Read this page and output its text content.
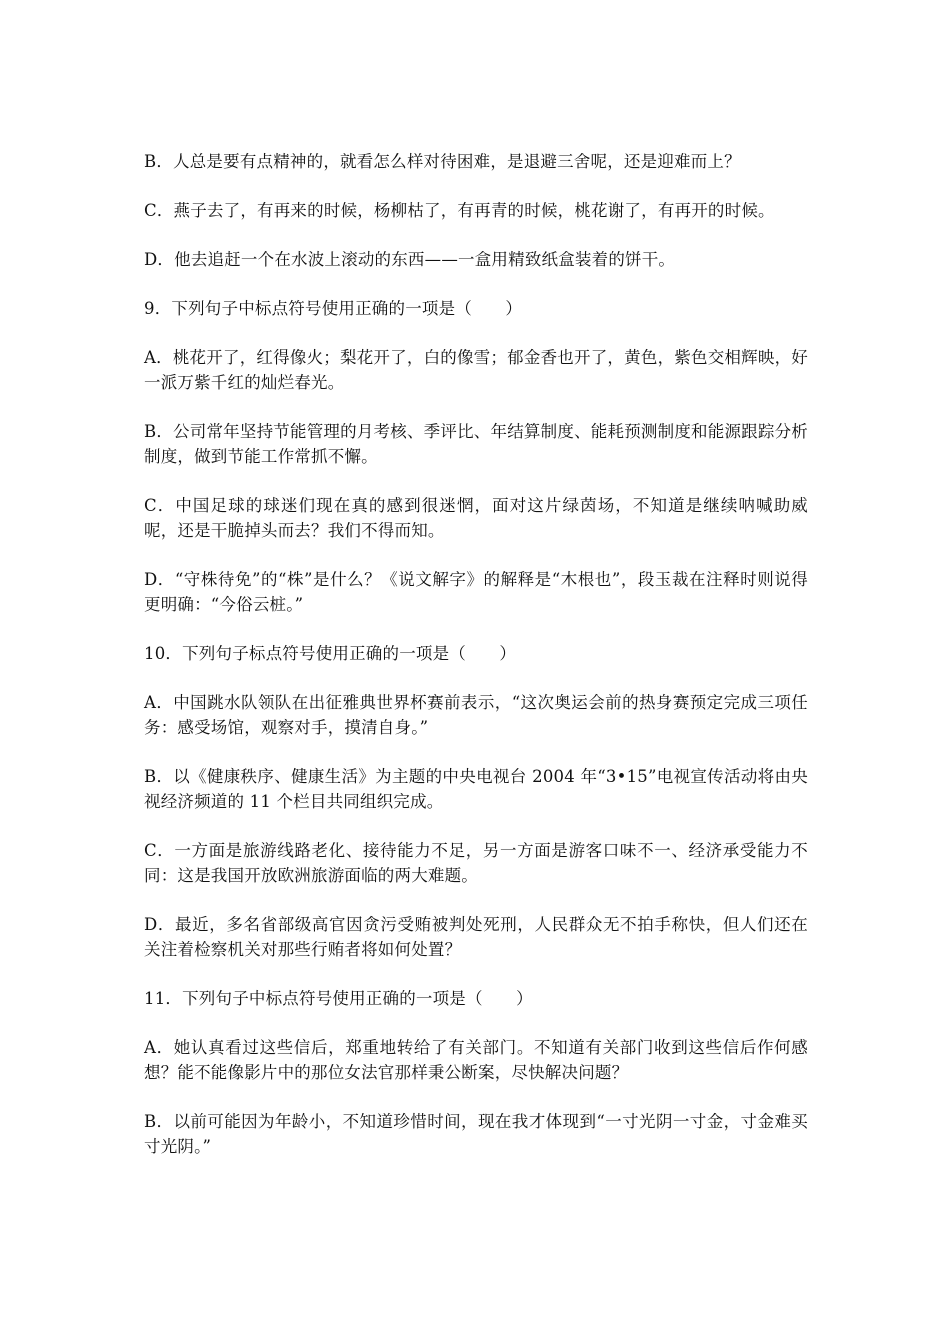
B．人总是要有点精神的，就看怎么样对待困难，是退避三舍呢，还是迎难而上？

C．燕子去了，有再来的时候，杨柳枯了，有再青的时候，桃花谢了，有再开的时候。

D．他去追赶一个在水波上滚动的东西——一盒用精致纸盒装着的饼干。

9．下列句子中标点符号使用正确的一项是（　　）

A．桃花开了，红得像火；梨花开了，白的像雪；郁金香也开了，黄色，紫色交相辉映，好一派万紫千红的灿烂春光。

B．公司常年坚持节能管理的月考核、季评比、年结算制度、能耗预测制度和能源跟踪分析制度，做到节能工作常抓不懈。

C．中国足球的球迷们现在真的感到很迷惘，面对这片绿茵场，不知道是继续呐喊助威呢，还是干脆掉头而去？我们不得而知。

D．“守株待免”的“株”是什么？《说文解字》的解释是“木根也”，段玉裁在注释时则说得更明确：“今俗云桩。”

10．下列句子标点符号使用正确的一项是（　　）

A．中国跳水队领队在出征雅典世界杯赛前表示，“这次奥运会前的热身赛预定完成三项任务：感受场馆，观察对手，摸清自身。”

B．以《健康秩序、健康生活》为主题的中央电视台 2004 年“3•15”电视宣传活动将由央视经济频道的 11 个栏目共同组织完成。

C．一方面是旅游线路老化、接待能力不足，另一方面是游客口味不一、经济承受能力不同：这是我国开放欧洲旅游面临的两大难题。

D．最近，多名省部级高官因贪污受贿被判处死刑，人民群众无不拍手称快，但人们还在关注着检察机关对那些行贿者将如何处置？

11．下列句子中标点符号使用正确的一项是（　　）

A．她认真看过这些信后，郑重地转给了有关部门。不知道有关部门收到这些信后作何感想？能不能像影片中的那位女法官那样秉公断案，尽快解决问题？

B．以前可能因为年龄小，不知道珍惜时间，现在我才体现到“一寸光阴一寸金，寸金难买寸光阴。”
